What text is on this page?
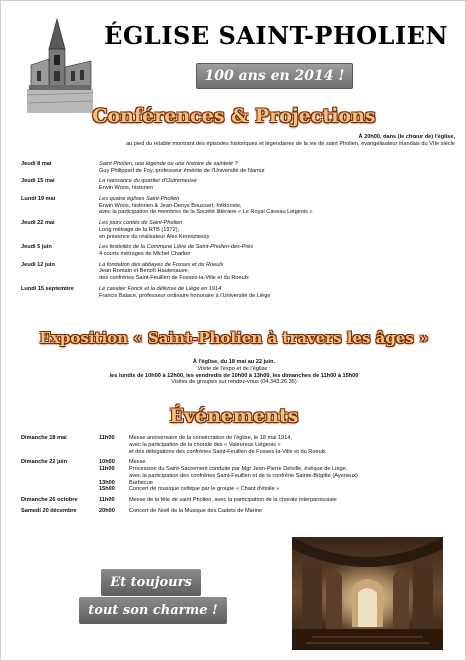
ÉGLISE SAINT-PHOLIEN
100 ans en 2014 !
Conférences & Projections
À 20h00, dans (le chœur de) l'église,
au pied du retable montrant des épisodes historiques et légendaires de la vie de saint Pholien, évangélisateur irlandais du VIIe siècle
Jeudi 8 mai	Saint Pholien, une légende ou une histoire de sainteté ?
Guy Philippart de Foy, professeur émérite de l'Université de Namur
Jeudi 15 mai	La naissance du quartier d'Outremeuse
Erwin Woos, historien
Lundi 19 mai	Les quatre églises Saint-Pholien
Erwin Woos, historien & Jean-Denys Boussart, folkloriste,
avec la participation de membres de la Société littéraire « Le Royal Caveau Liégeois »
Jeudi 22 mai	Les jours contés de Saint-Pholien
Long métrage de la RTB (1972),
en présence du réalisateur Alex Keresztessy
Jeudi 5 juin	Les festivités de la Commune Libre de Saint-Pholien-des-Prés
4 courts métrages de Michel Charlier
Jeudi 12 juin	La fondation des abbayes de Fosses et du Roeulx
Jean Romain et Benoît Hautenauve,
des confréries Saint-Feuillen de Fosses-la-Ville et du Roeulx
Lundi 15 septembre	Le cavalier Fonck et la défense de Liège en 1914
Francis Balace, professeur ordinaire honoraire à l'Université de Liège
Exposition « Saint-Pholien à travers les âges »
À l'église, du 18 mai au 22 juin.
Visite de l'expo et de l'église :
les lundis de 10h00 à 12h00, les vendredis de 10h00 à 13h00, les dimanches de 11h00 à 15h00
Visites de groupes sur rendez-vous (04.343.26.35)
Événements
Dimanche 18 mai	11h00	Messe anniversaire de la consécration de l'église, le 18 mai 1914,
avec la participation de la chorale des « Valeureux Liégeois »
et des délégations des confréries Saint-Feuillen de Fosses-la-Ville et du Roeulx
Dimanche 22 juin	10h00	Messe
11h00	Procession du Saint-Sacrement conduite par Mgr Jean-Pierre Delville, évêque de Liège,
avec la participation des confréries Saint-Feuillen et de la confrérie Sainte-Brigitte (Ayeneux)
13h00	Barbecue
15h00	Concert de musique celtique par le groupe « Chant d'étoile »
Dimanche 26 octobre	11h00	Messe de la fête de saint Pholien, avec la participation de la chorale interparoissiale
Samedi 20 décembre	20h00	Concert de Noël de la Musique des Cadets de Marine
Et toujours
tout son charme !
